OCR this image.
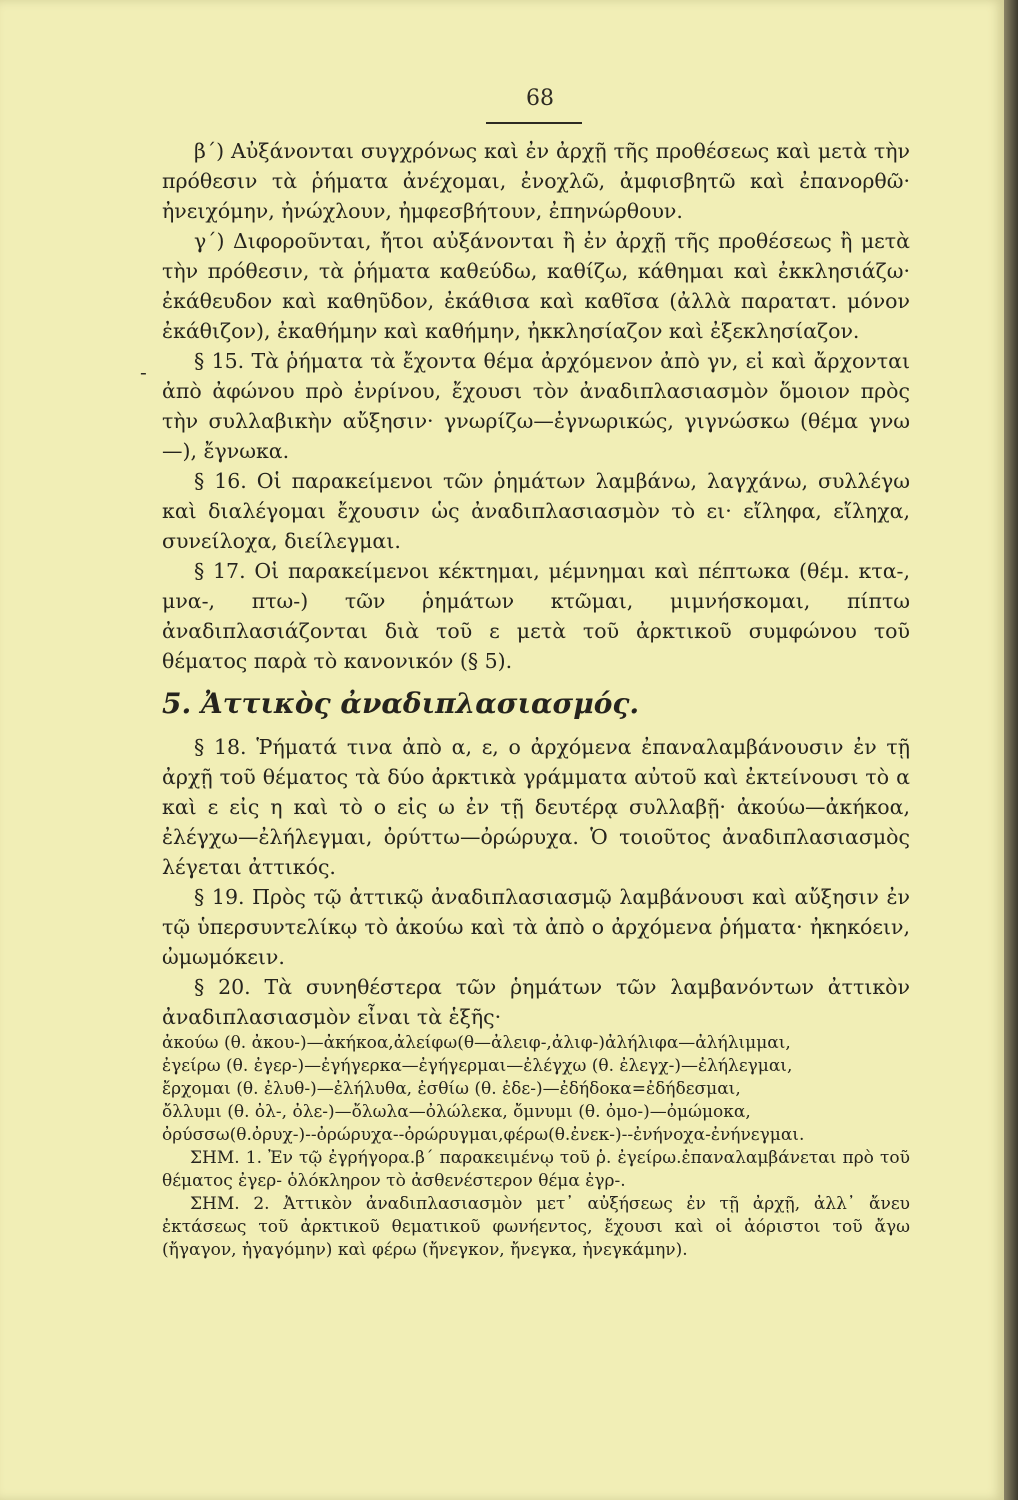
68
-

β΄) Αὐξάνονται συγχρόνως καὶ ἐν ἀρχῇ τῆς προθέσεως καὶ μετὰ τὴν πρόθεσιν τὰ ῥήματα ἀνέχομαι, ἐνοχλῶ, ἀμφισβητῶ καὶ ἐπανορθῶ· ἠνειχόμην, ἠνώχλουν, ἠμφεσβήτουν, ἐπηνώρθουν.

γ΄) Διφοροῦνται, ἤτοι αὐξάνονται ἢ ἐν ἀρχῇ τῆς προθέσεως ἢ μετὰ τὴν πρόθεσιν, τὰ ῥήματα καθεύδω, καθίζω, κάθημαι καὶ ἐκκλησιάζω· ἐκάθευδον καὶ καθηῦδον, ἐκάθισα καὶ καθῖσα (ἀλλὰ παρατατ. μόνον ἐκάθιζον), ἐκαθήμην καὶ καθήμην, ἠκκλησίαζον καὶ ἐξεκλησίαζον.

§ 15. Τὰ ῥήματα τὰ ἔχοντα θέμα ἀρχόμενον ἀπὸ γν, εἰ καὶ ἄρχονται ἀπὸ ἀφώνου πρὸ ἐνρίνου, ἔχουσι τὸν ἀναδιπλασιασμὸν ὅμοιον πρὸς τὴν συλλαβικὴν αὔξησιν· γνωρίζω—ἐγνωρικώς, γιγνώσκω (θέμα γνω—), ἔγνωκα.

§ 16. Οἱ παρακείμενοι τῶν ῥημάτων λαμβάνω, λαγχάνω, συλλέγω καὶ διαλέγομαι ἔχουσιν ὡς ἀναδιπλασιασμὸν τὸ ει· εἴληφα, εἴληχα, συνείλοχα, διείλεγμαι.

§ 17. Οἱ παρακείμενοι κέκτημαι, μέμνημαι καὶ πέπτωκα (θέμ. κτα-, μνα-, πτω-) τῶν ῥημάτων κτῶμαι, μιμνήσκομαι, πίπτω ἀναδιπλασιάζονται διὰ τοῦ ε μετὰ τοῦ ἀρκτικοῦ συμφώνου τοῦ θέματος παρὰ τὸ κανονικόν (§ 5).

5. Ἀττικὸς ἀναδιπλασιασμός.

§ 18. Ῥήματά τινα ἀπὸ α, ε, ο ἀρχόμενα ἐπαναλαμβάνουσιν ἐν τῇ ἀρχῇ τοῦ θέματος τὰ δύο ἀρκτικὰ γράμματα αὐτοῦ καὶ ἐκτείνουσι τὸ α καὶ ε εἰς η καὶ τὸ ο εἰς ω ἐν τῇ δευτέρᾳ συλλαβῇ· ἀκούω—ἀκήκοα, ἐλέγχω—ἐλήλεγμαι, ὀρύττω—ὀρώρυχα. Ὁ τοιοῦτος ἀναδιπλασιασμὸς λέγεται ἀττικός.

§ 19. Πρὸς τῷ ἀττικῷ ἀναδιπλασιασμῷ λαμβάνουσι καὶ αὔξησιν ἐν τῷ ὑπερσυντελίκῳ τὸ ἀκούω καὶ τὰ ἀπὸ ο ἀρχόμενα ῥήματα· ἠκηκόειν, ὠμωμόκειν.

§ 20. Τὰ συνηθέστερα τῶν ῥημάτων τῶν λαμβανόντων ἀττικὸν ἀναδιπλασιασμὸν εἶναι τὰ ἑξῆς·

ἀκούω (θ. ἀκου-)—ἀκήκοα,ἀλείφω(θ—ἀλειφ-,ἀλιφ-)ἀλήλιφα—ἀλήλιμμαι,

ἐγείρω (θ. ἐγερ-)—ἐγήγερκα—ἐγήγερμαι—ἐλέγχω (θ. ἐλεγχ-)—ἐλήλεγμαι,

ἔρχομαι (θ. ἐλυθ-)—ἐλήλυθα, ἐσθίω (θ. ἐδε-)—ἐδήδοκα=ἐδήδεσμαι,

ὄλλυμι (θ. ὀλ-, ὀλε-)—ὄλωλα—ὀλώλεκα, ὄμνυμι (θ. ὀμο-)—ὀμώμοκα,

ὀρύσσω(θ.ὀρυχ-)--ὀρώρυχα--ὀρώρυγμαι,φέρω(θ.ἐνεκ-)--ἐνήνοχα-ἐνήνεγμαι.

ΣΗΜ. 1. Ἐν τῷ ἐγρήγορα.β΄ παρακειμένῳ τοῦ ῥ. ἐγείρω.ἐπαναλαμβάνεται πρὸ τοῦ θέματος ἐγερ- ὁλόκληρον τὸ ἀσθενέστερον θέμα ἐγρ-.

ΣΗΜ. 2. Ἀττικὸν ἀναδιπλασιασμὸν μετ᾽ αὐξήσεως ἐν τῇ ἀρχῇ, ἀλλ᾽ ἄνευ ἐκτάσεως τοῦ ἀρκτικοῦ θεματικοῦ φωνήεντος, ἔχουσι καὶ οἱ ἀόριστοι τοῦ ἄγω (ἤγαγον, ἠγαγόμην) καὶ φέρω (ἤνεγκον, ἤνεγκα, ἠνεγκάμην).
